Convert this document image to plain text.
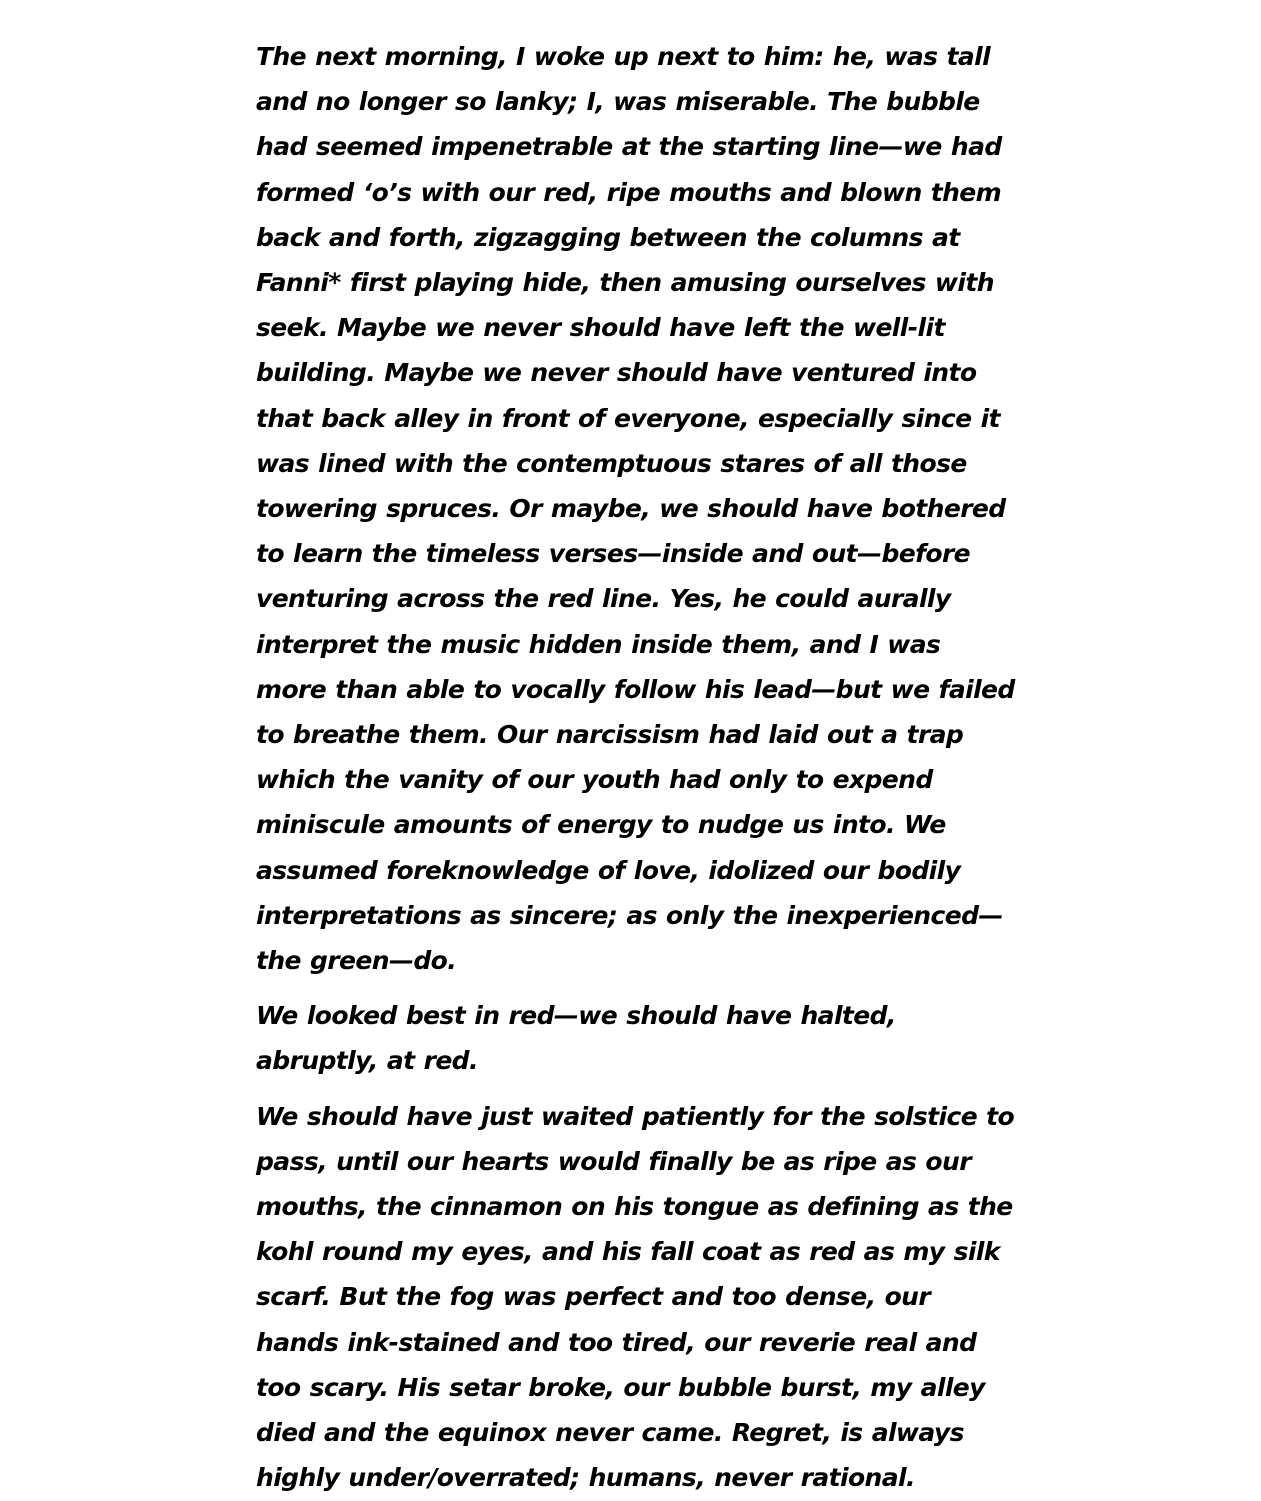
The next morning, I woke up next to him: he, was tall and no longer so lanky; I, was miserable. The bubble had seemed impenetrable at the starting line—we had formed ‘o’s with our red, ripe mouths and blown them back and forth, zigzagging between the columns at Fanni* first playing hide, then amusing ourselves with seek. Maybe we never should have left the well-lit building. Maybe we never should have ventured into that back alley in front of everyone, especially since it was lined with the contemptuous stares of all those towering spruces. Or maybe, we should have bothered to learn the timeless verses—inside and out—before venturing across the red line. Yes, he could aurally interpret the music hidden inside them, and I was more than able to vocally follow his lead—but we failed to breathe them. Our narcissism had laid out a trap which the vanity of our youth had only to expend miniscule amounts of energy to nudge us into. We assumed foreknowledge of love, idolized our bodily interpretations as sincere; as only the inexperienced—the green—do.

We looked best in red—we should have halted, abruptly, at red.

We should have just waited patiently for the solstice to pass, until our hearts would finally be as ripe as our mouths, the cinnamon on his tongue as defining as the kohl round my eyes, and his fall coat as red as my silk scarf. But the fog was perfect and too dense, our hands ink-stained and too tired, our reverie real and too scary. His setar broke, our bubble burst, my alley died and the equinox never came. Regret, is always highly under/overrated; humans, never rational.
